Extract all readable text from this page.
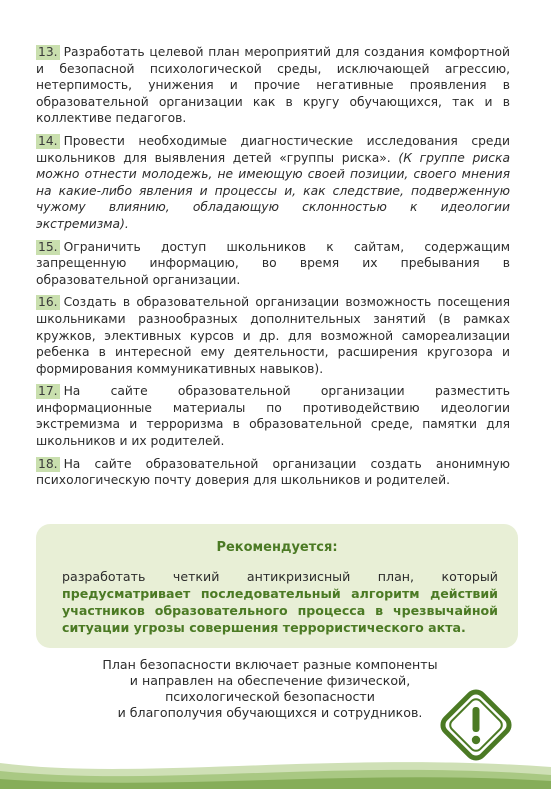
13. Разработать целевой план мероприятий для создания комфортной и безопасной психологической среды, исключающей агрессию, нетерпимость, унижения и прочие негативные проявления в образовательной организации как в кругу обучающихся, так и в коллективе педагогов.
14. Провести необходимые диагностические исследования среди школьников для выявления детей «группы риска». (К группе риска можно отнести молодежь, не имеющую своей позиции, своего мнения на какие-либо явления и процессы и, как следствие, подверженную чужому влиянию, обладающую склонностью к идеологии экстремизма).
15. Ограничить доступ школьников к сайтам, содержащим запрещенную информацию, во время их пребывания в образовательной организации.
16. Создать в образовательной организации возможность посещения школьниками разнообразных дополнительных занятий (в рамках кружков, элективных курсов и др. для возможной самореализации ребенка в интересной ему деятельности, расширения кругозора и формирования коммуникативных навыков).
17. На сайте образовательной организации разместить информационные материалы по противодействию идеологии экстремизма и терроризма в образовательной среде, памятки для школьников и их родителей.
18. На сайте образовательной организации создать анонимную психологическую почту доверия для школьников и родителей.
Рекомендуется:
разработать четкий антикризисный план, который предусматривает последовательный алгоритм действий участников образовательного процесса в чрезвычайной ситуации угрозы совершения террористического акта.
План безопасности включает разные компоненты
и направлен на обеспечение физической,
психологической безопасности
и благополучия обучающихся и сотрудников.
